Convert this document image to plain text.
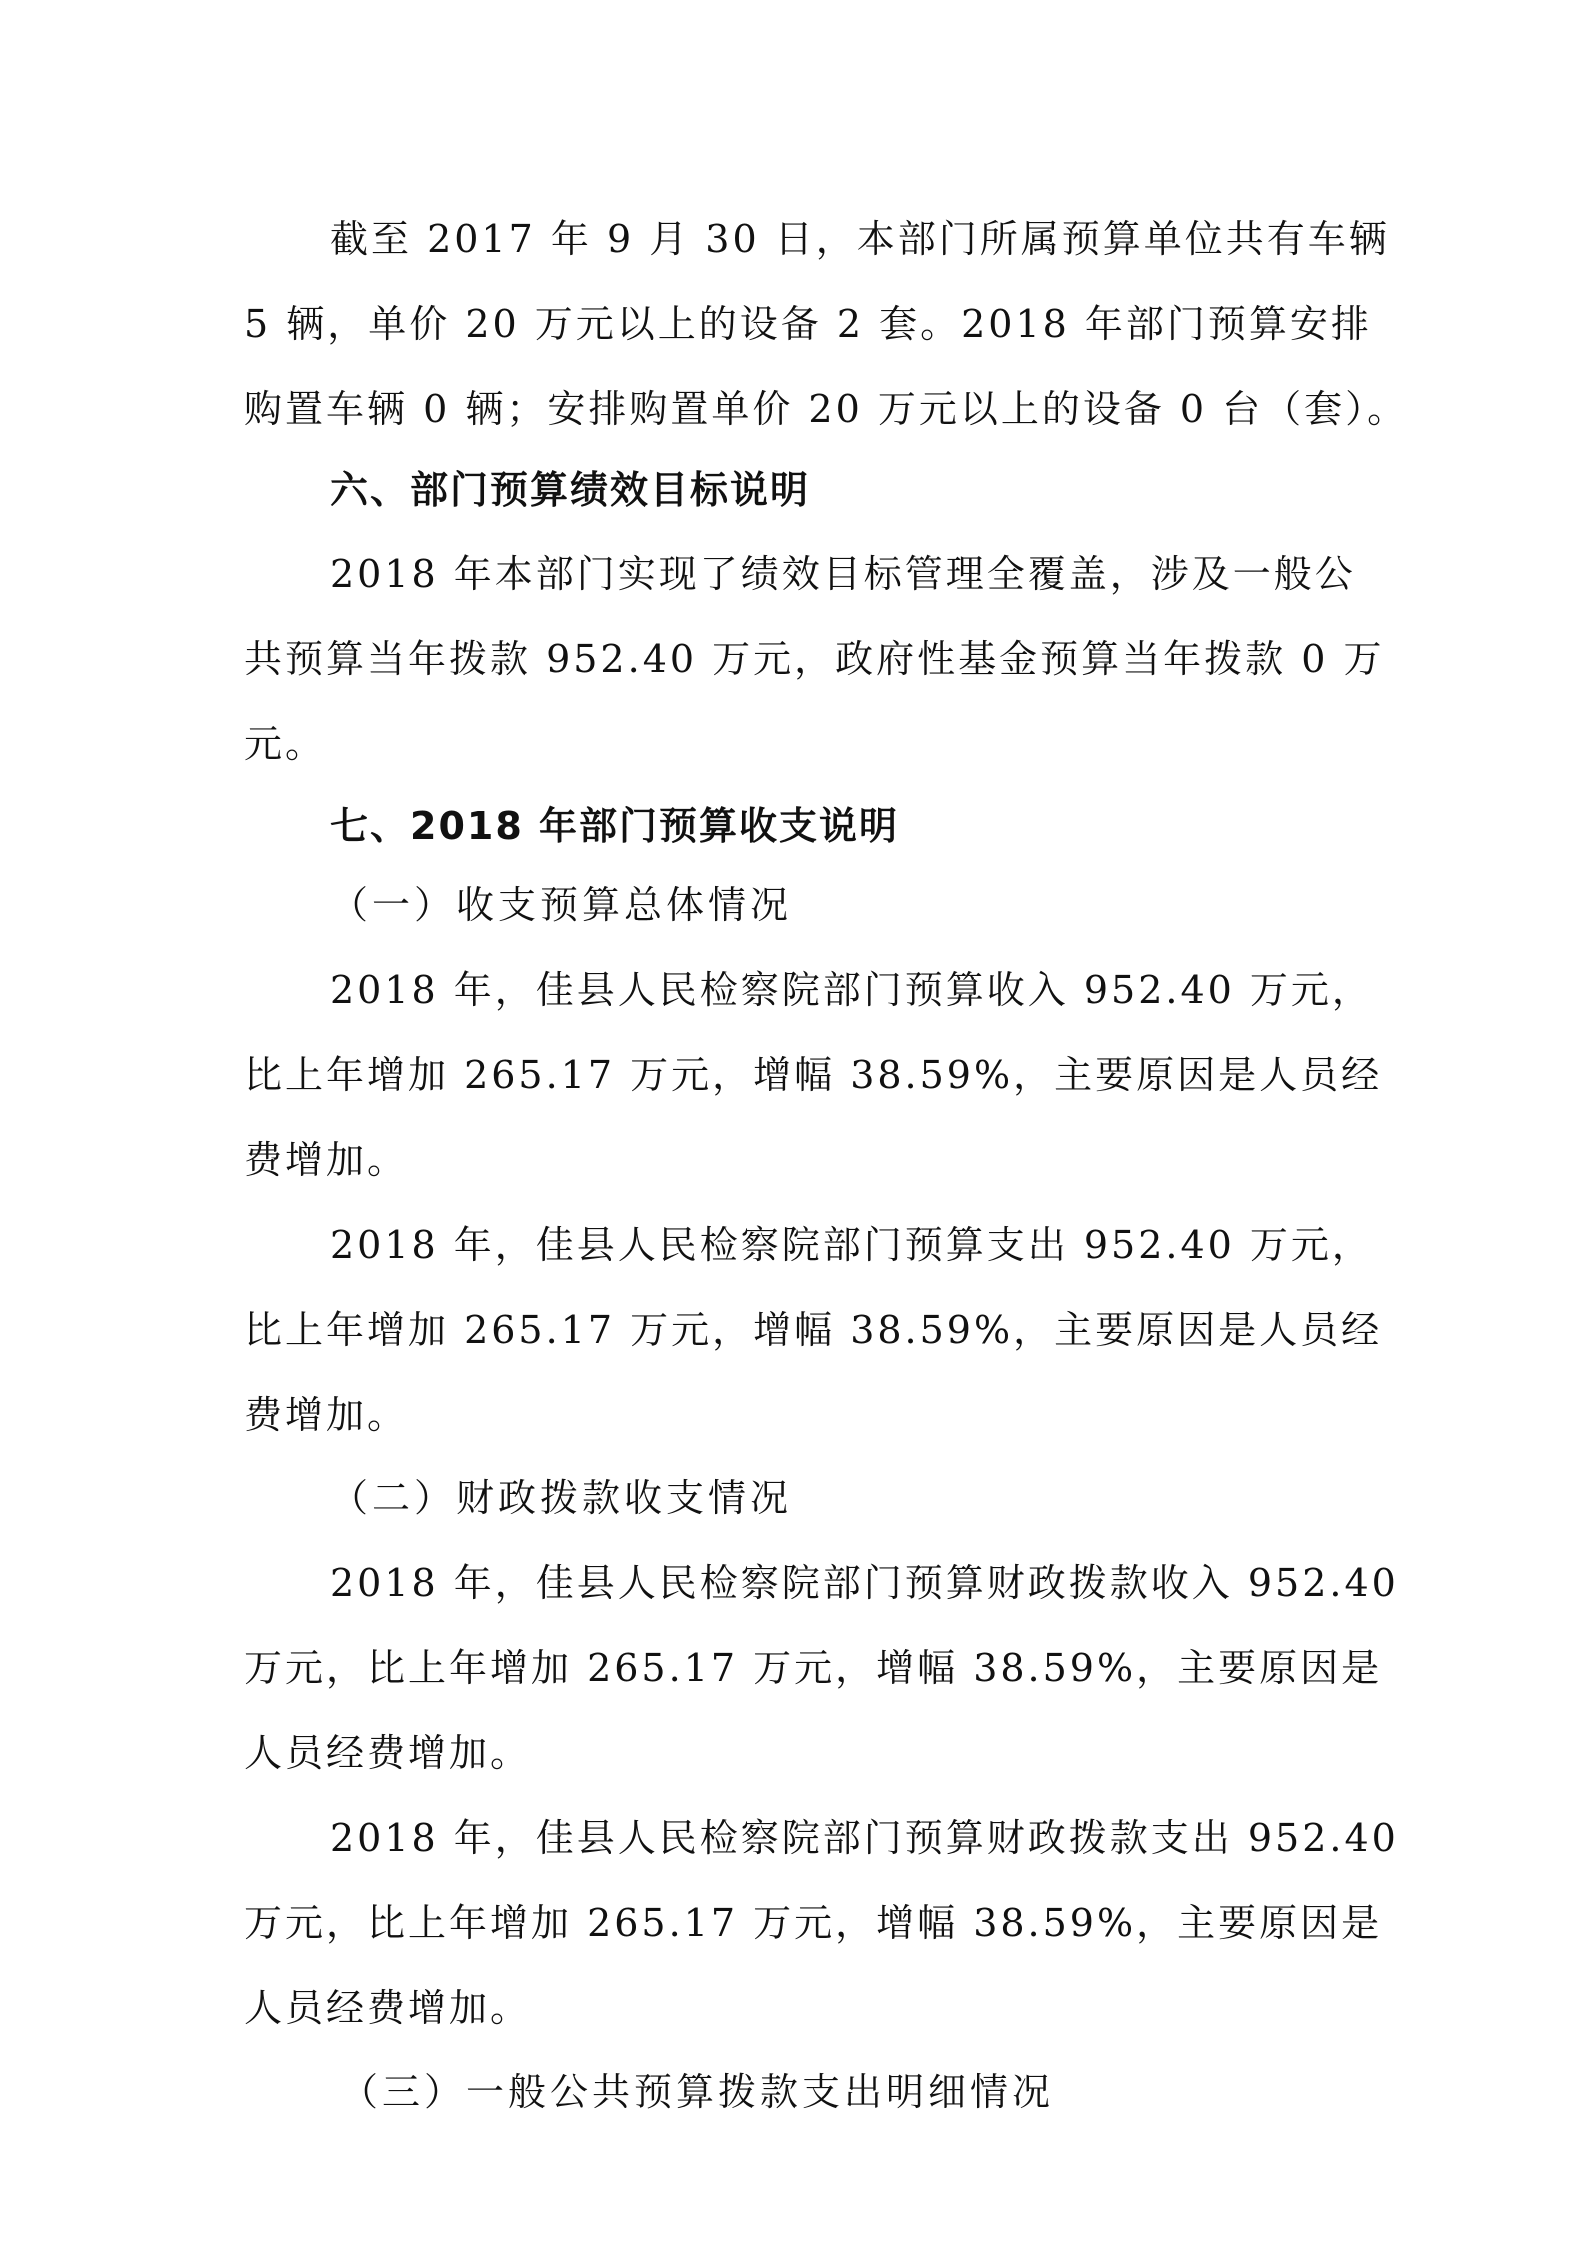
截至 2017 年 9 月 30 日，本部门所属预算单位共有车辆
5 辆，单价 20 万元以上的设备 2 套。2018 年部门预算安排
购置车辆 0 辆；安排购置单价 20 万元以上的设备 0 台（套）。
六、部门预算绩效目标说明
2018 年本部门实现了绩效目标管理全覆盖，涉及一般公
共预算当年拨款 952.40 万元，政府性基金预算当年拨款 0 万
元。
七、2018 年部门预算收支说明
（一）收支预算总体情况
2018 年，佳县人民检察院部门预算收入 952.40 万元，
比上年增加 265.17 万元，增幅 38.59%，主要原因是人员经
费增加。
2018 年，佳县人民检察院部门预算支出 952.40 万元，
比上年增加 265.17 万元，增幅 38.59%，主要原因是人员经
费增加。
（二）财政拨款收支情况
2018 年，佳县人民检察院部门预算财政拨款收入 952.40
万元，比上年增加 265.17 万元，增幅 38.59%，主要原因是
人员经费增加。
2018 年，佳县人民检察院部门预算财政拨款支出 952.40
万元，比上年增加 265.17 万元，增幅 38.59%，主要原因是
人员经费增加。
（三）一般公共预算拨款支出明细情况
